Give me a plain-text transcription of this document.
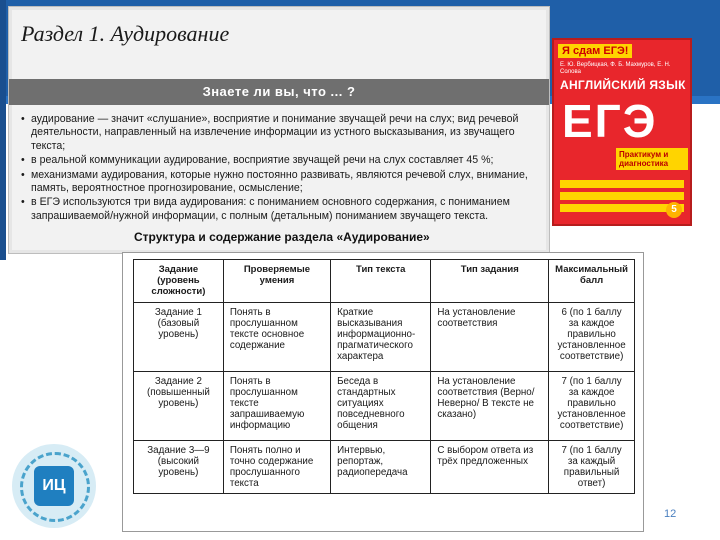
Раздел 1. Аудирование
Знаете ли вы, что ... ?
• аудирование — значит «слушание», восприятие и понимание звучащей речи на слух; вид речевой деятельности, направленный на извлечение информации из устного высказывания, из звучащего текста;
• в реальной коммуникации аудирование, восприятие звучащей речи на слух составляет 45 %;
• механизмами аудирования, которые нужно постоянно развивать, являются речевой слух, внимание, память, вероятностное прогнозирование, осмысление;
• в ЕГЭ используются три вида аудирования: с пониманием основного содержания, с пониманием запрашиваемой/нужной информации, с полным (детальным) пониманием звучащего текста.
Я сдам ЕГЭ!
Е. Ю. Вербицкая, Ф. Б. Махмуров, Е. Н. Солова
АНГЛИЙСКИЙ ЯЗЫК
ЕГЭ
Практикум и диагностика
5
Структура и содержание раздела «Аудирование»
Задание (уровень сложности)	Проверяемые умения	Тип текста	Тип задания	Максимальный балл
Задание 1 (базовый уровень)	Понять в прослушанном тексте основное содержание	Краткие высказывания информационно-прагматического характера	На установление соответствия	6 (по 1 баллу за каждое правильно установленное соответствие)
Задание 2 (повышенный уровень)	Понять в прослушанном тексте запрашиваемую информацию	Беседа в стандартных ситуациях повседневного общения	На установление соответствия (Верно/Неверно/ В тексте не сказано)	7 (по 1 баллу за каждое правильно установленное соответствие)
Задание 3—9 (высокий уровень)	Понять полно и точно содержание прослушанного текста	Интервью, репортаж, радиопередача	С выбором ответа из трёх предложенных	7 (по 1 баллу за каждый правильный ответ)
ИЦ
12
